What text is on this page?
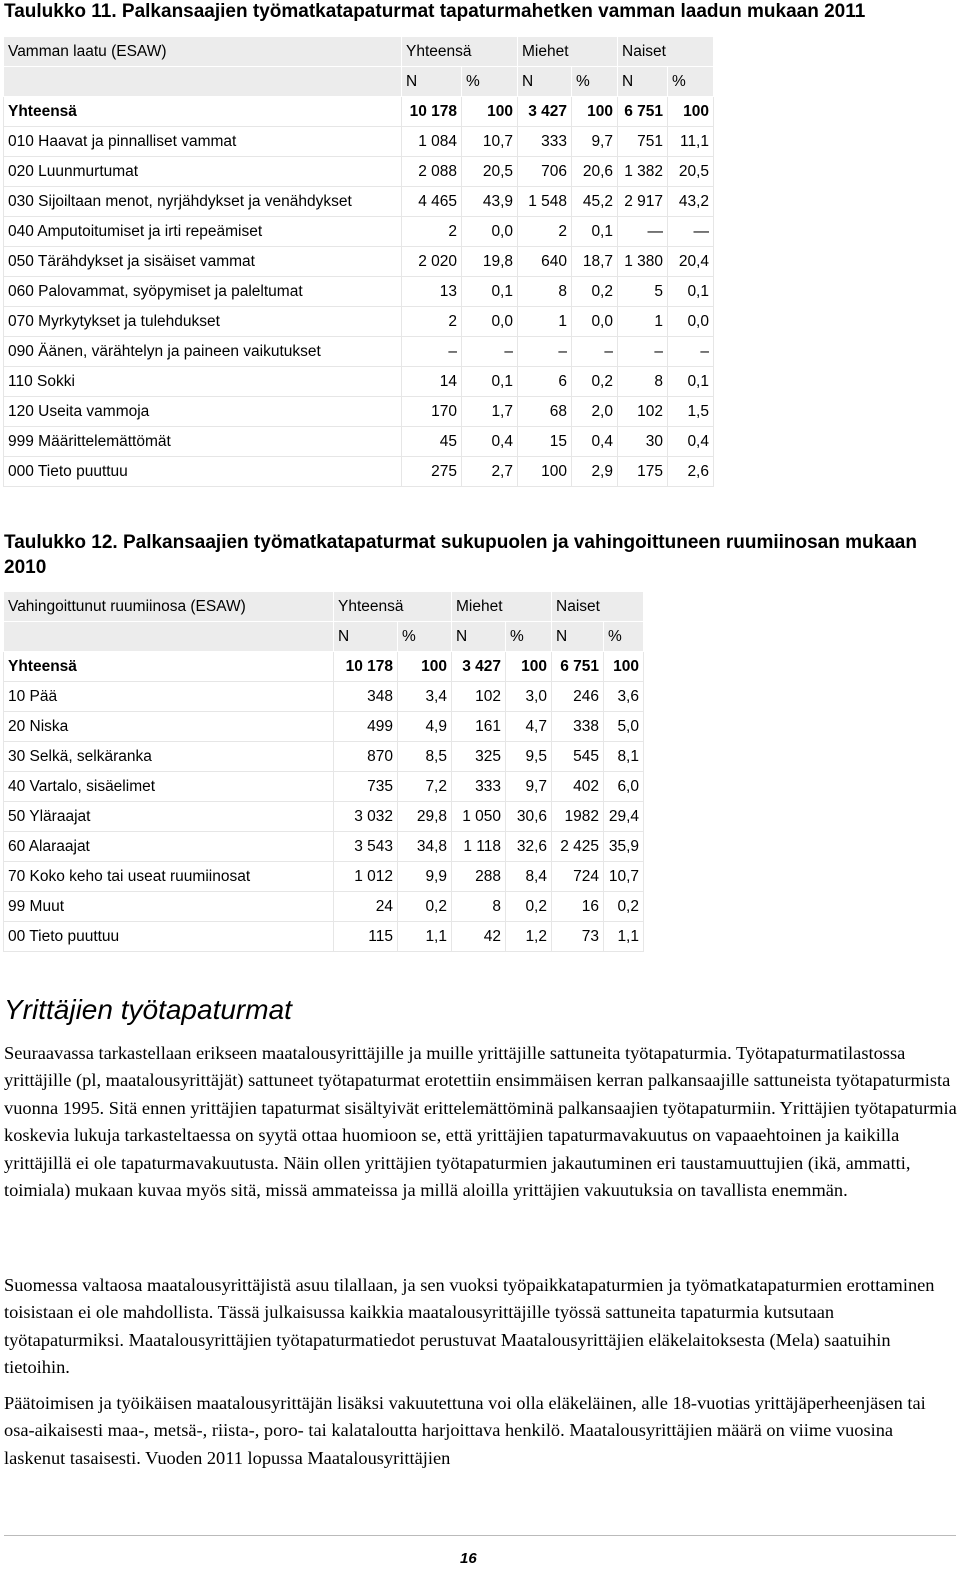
Taulukko 11. Palkansaajien työmatkatapaturmat tapaturmahetken vamman laadun mukaan 2011
Vamman laatu (ESAW)	Yhteensä		Miehet		Naiset	
	N	%	N	%	N	%
Yhteensä	10 178	100	3 427	100	6 751	100
010 Haavat ja pinnalliset vammat	1 084	10,7	333	9,7	751	11,1
020 Luunmurtumat	2 088	20,5	706	20,6	1 382	20,5
030 Sijoiltaan menot, nyrjähdykset ja venähdykset	4 465	43,9	1 548	45,2	2 917	43,2
040 Amputoitumiset ja irti repeämiset	2	0,0	2	0,1	—	—
050 Tärähdykset ja sisäiset vammat	2 020	19,8	640	18,7	1 380	20,4
060 Palovammat, syöpymiset ja paleltumat	13	0,1	8	0,2	5	0,1
070 Myrkytykset ja tulehdukset	2	0,0	1	0,0	1	0,0
090 Äänen, värähtelyn ja paineen vaikutukset	–	–	–	–	–	–
110 Sokki	14	0,1	6	0,2	8	0,1
120 Useita vammoja	170	1,7	68	2,0	102	1,5
999 Määrittelemättömät	45	0,4	15	0,4	30	0,4
000 Tieto puuttuu	275	2,7	100	2,9	175	2,6
Taulukko 12. Palkansaajien työmatkatapaturmat sukupuolen ja vahingoittuneen ruumiinosan mukaan 2010
Vahingoittunut ruumiinosa (ESAW)	Yhteensä		Miehet		Naiset	
	N	%	N	%	N	%
Yhteensä	10 178	100	3 427	100	6 751	100
10 Pää	348	3,4	102	3,0	246	3,6
20 Niska	499	4,9	161	4,7	338	5,0
30 Selkä, selkäranka	870	8,5	325	9,5	545	8,1
40 Vartalo, sisäelimet	735	7,2	333	9,7	402	6,0
50 Yläraajat	3 032	29,8	1 050	30,6	1982	29,4
60 Alaraajat	3 543	34,8	1 118	32,6	2 425	35,9
70 Koko keho tai useat ruumiinosat	1 012	9,9	288	8,4	724	10,7
99 Muut	24	0,2	8	0,2	16	0,2
00 Tieto puuttuu	115	1,1	42	1,2	73	1,1
Yrittäjien työtapaturmat

Seuraavassa tarkastellaan erikseen maatalousyrittäjille ja muille yrittäjille sattuneita työtapaturmia. Työtapaturmatilastossa yrittäjille (pl, maatalousyrittäjät) sattuneet työtapaturmat erotettiin ensimmäisen kerran palkansaajille sattuneista työtapaturmista vuonna 1995. Sitä ennen yrittäjien tapaturmat sisältyivät erittelemättöminä palkansaajien työtapaturmiin. Yrittäjien työtapaturmia koskevia lukuja tarkasteltaessa on syytä ottaa huomioon se, että yrittäjien tapaturmavakuutus on vapaaehtoinen ja kaikilla yrittäjillä ei ole tapaturmavakuutusta. Näin ollen yrittäjien työtapaturmien jakautuminen eri taustamuuttujien (ikä, ammatti, toimiala) mukaan kuvaa myös sitä, missä ammateissa ja millä aloilla yrittäjien vakuutuksia on tavallista enemmän.

Suomessa valtaosa maatalousyrittäjistä asuu tilallaan, ja sen vuoksi työpaikkatapaturmien ja työmatkatapaturmien erottaminen toisistaan ei ole mahdollista. Tässä julkaisussa kaikkia maatalousyrittäjille työssä sattuneita tapaturmia kutsutaan työtapaturmiksi. Maatalousyrittäjien työtapaturmatiedot perustuvat Maatalousyrittäjien eläkelaitoksesta (Mela) saatuihin tietoihin.

Päätoimisen ja työikäisen maatalousyrittäjän lisäksi vakuutettuna voi olla eläkeläinen, alle 18-vuotias yrittäjäperheenjäsen tai osa-aikaisesti maa-, metsä-, riista-, poro- tai kalataloutta harjoittava henkilö. Maatalousyrittäjien määrä on viime vuosina laskenut tasaisesti. Vuoden 2011 lopussa Maatalousyrittäjien

16
